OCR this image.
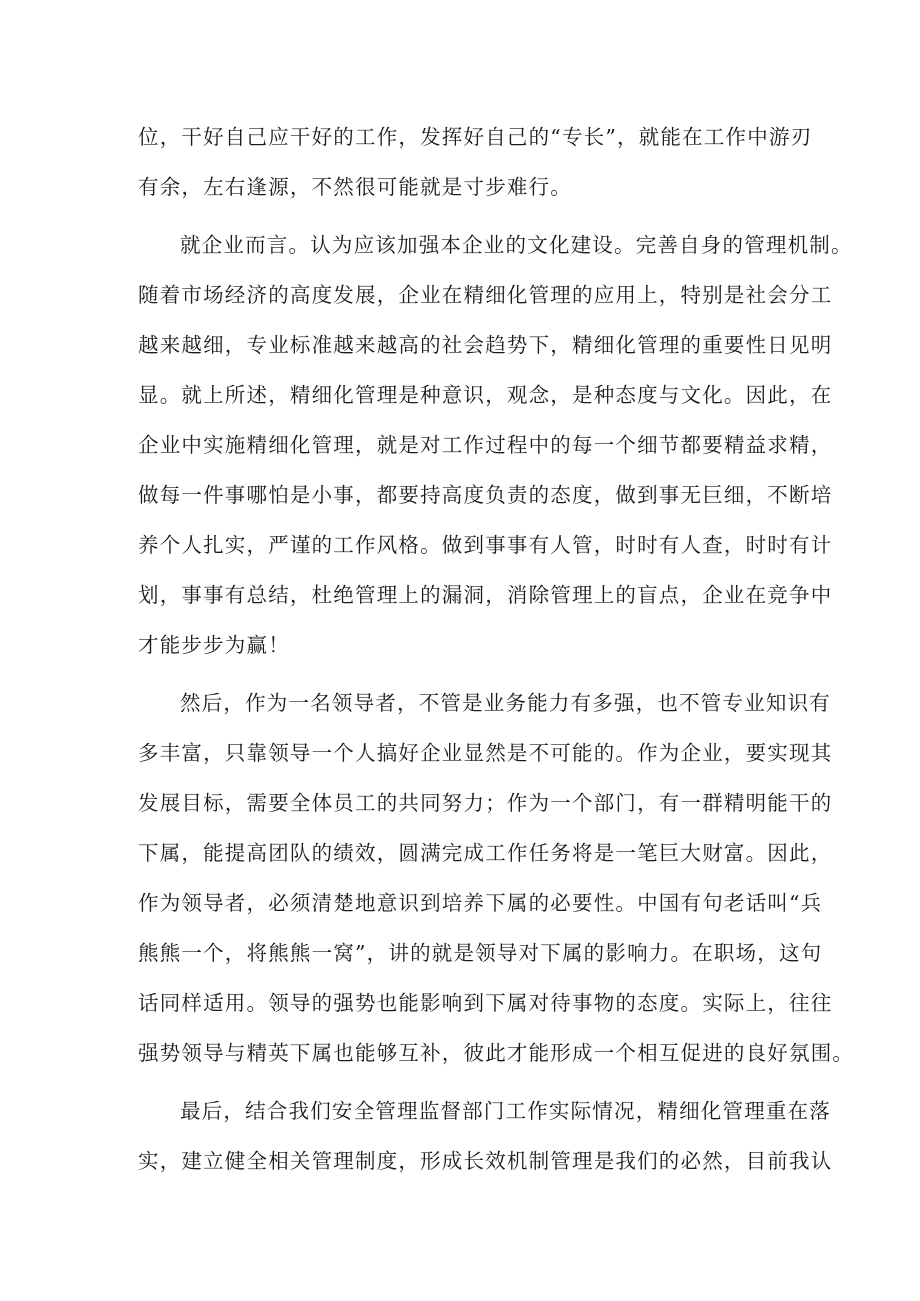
位，干好自己应干好的工作，发挥好自己的“专长”，就能在工作中游刃
有余，左右逢源，不然很可能就是寸步难行。
就企业而言。认为应该加强本企业的文化建设。完善自身的管理机制。
随着市场经济的高度发展，企业在精细化管理的应用上，特别是社会分工
越来越细，专业标准越来越高的社会趋势下，精细化管理的重要性日见明
显。就上所述，精细化管理是种意识，观念，是种态度与文化。因此，在
企业中实施精细化管理，就是对工作过程中的每一个细节都要精益求精，
做每一件事哪怕是小事，都要持高度负责的态度，做到事无巨细，不断培
养个人扎实，严谨的工作风格。做到事事有人管，时时有人查，时时有计
划，事事有总结，杜绝管理上的漏洞，消除管理上的盲点，企业在竞争中
才能步步为赢！
然后，作为一名领导者，不管是业务能力有多强，也不管专业知识有
多丰富，只靠领导一个人搞好企业显然是不可能的。作为企业，要实现其
发展目标，需要全体员工的共同努力；作为一个部门，有一群精明能干的
下属，能提高团队的绩效，圆满完成工作任务将是一笔巨大财富。因此，
作为领导者，必须清楚地意识到培养下属的必要性。中国有句老话叫“兵
熊熊一个，将熊熊一窝”，讲的就是领导对下属的影响力。在职场，这句
话同样适用。领导的强势也能影响到下属对待事物的态度。实际上，往往
强势领导与精英下属也能够互补，彼此才能形成一个相互促进的良好氛围。
最后，结合我们安全管理监督部门工作实际情况，精细化管理重在落
实，建立健全相关管理制度，形成长效机制管理是我们的必然，目前我认
